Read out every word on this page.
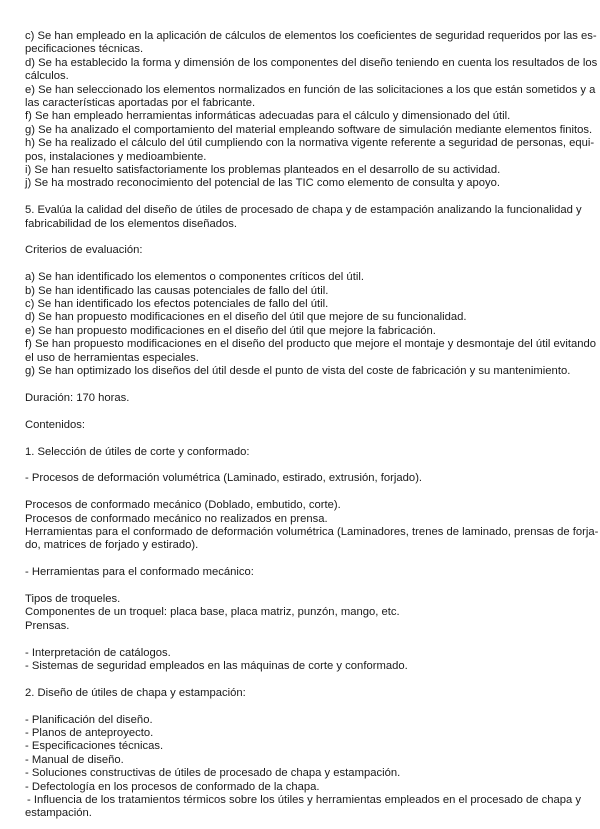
c) Se han empleado en la aplicación de cálculos de elementos los coeficientes de seguridad requeridos por las es-
pecificaciones técnicas.
d) Se ha establecido la forma y dimensión de los componentes del diseño teniendo en cuenta los resultados de los
cálculos.
e) Se han seleccionado los elementos normalizados en función de las solicitaciones a los que están sometidos y a
las características aportadas por el fabricante.
f) Se han empleado herramientas informáticas adecuadas para el cálculo y dimensionado del útil.
g) Se ha analizado el comportamiento del material empleando software de simulación mediante elementos finitos.
h) Se ha realizado el cálculo del útil cumpliendo con la normativa vigente referente a seguridad de personas, equi-
pos, instalaciones y medioambiente.
i) Se han resuelto satisfactoriamente los problemas planteados en el desarrollo de su actividad.
j) Se ha mostrado reconocimiento del potencial de las TIC como elemento de consulta y apoyo.
5. Evalúa la calidad del diseño de útiles de procesado de chapa y de estampación analizando la funcionalidad y
fabricabilidad de los elementos diseñados.
Criterios de evaluación:
a) Se han identificado los elementos o componentes críticos del útil.
b) Se han identificado las causas potenciales de fallo del útil.
c) Se han identificado los efectos potenciales de fallo del útil.
d) Se han propuesto modificaciones en el diseño del útil que mejore de su funcionalidad.
e) Se han propuesto modificaciones en el diseño del útil que mejore la fabricación.
f) Se han propuesto modificaciones en el diseño del producto que mejore el montaje y desmontaje del útil evitando
el uso de herramientas especiales.
g) Se han optimizado los diseños del útil desde el punto de vista del coste de fabricación y su mantenimiento.
Duración: 170 horas.
Contenidos:
1. Selección de útiles de corte y conformado:
- Procesos de deformación volumétrica (Laminado, estirado, extrusión, forjado).
Procesos de conformado mecánico (Doblado, embutido, corte).
Procesos de conformado mecánico no realizados en prensa.
Herramientas para el conformado de deformación volumétrica (Laminadores, trenes de laminado, prensas de forja-
do, matrices de forjado y estirado).
- Herramientas para el conformado mecánico:
Tipos de troqueles.
Componentes de un troquel: placa base, placa matriz, punzón, mango, etc.
Prensas.
- Interpretación de catálogos.
- Sistemas de seguridad empleados en las máquinas de corte y conformado.
2. Diseño de útiles de chapa y estampación:
- Planificación del diseño.
- Planos de anteproyecto.
- Especificaciones técnicas.
- Manual de diseño.
- Soluciones constructivas de útiles de procesado de chapa y estampación.
- Defectología en los procesos de conformado de la chapa.
- Influencia de los tratamientos térmicos sobre los útiles y herramientas empleados en el procesado de chapa y
estampación.
